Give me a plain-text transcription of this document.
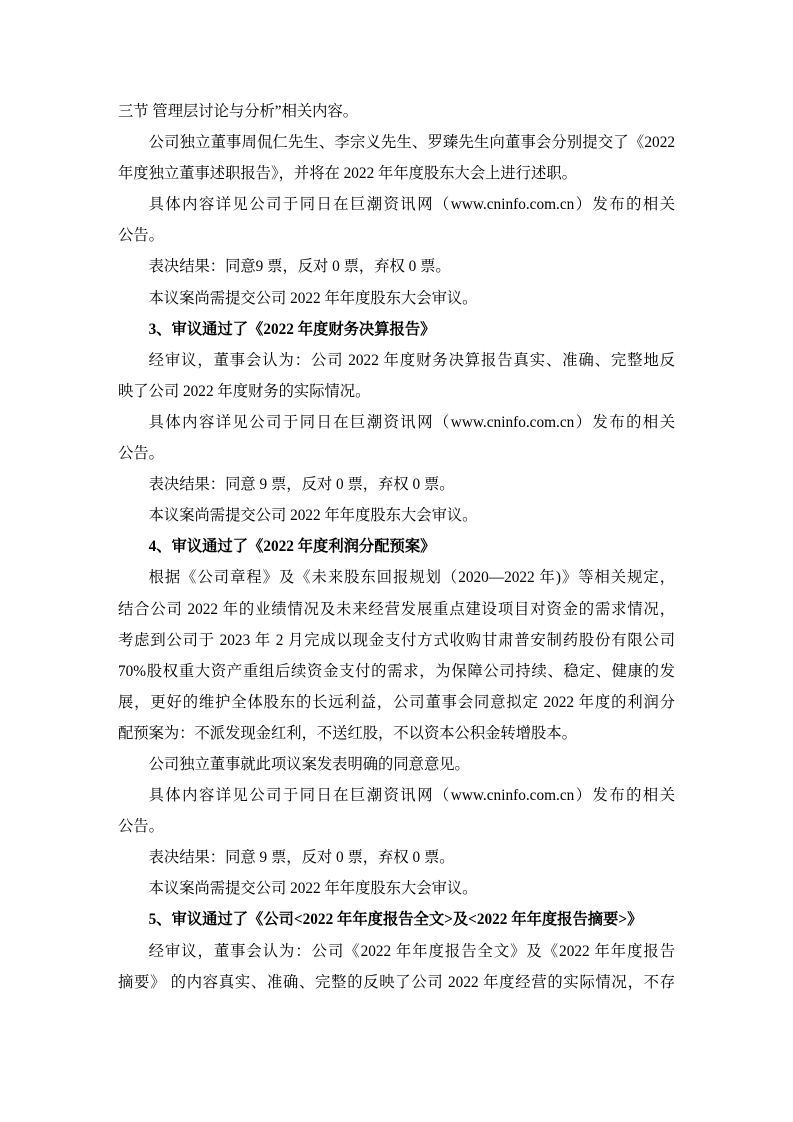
三节 管理层讨论与分析”相关内容。
公司独立董事周侃仁先生、李宗义先生、罗臻先生向董事会分别提交了《2022
年度独立董事述职报告》，并将在 2022 年年度股东大会上进行述职。
具体内容详见公司于同日在巨潮资讯网（www.cninfo.com.cn）发布的相关
公告。
表决结果：同意9 票，反对 0 票，弃权 0 票。
本议案尚需提交公司 2022 年年度股东大会审议。
3、审议通过了《2022 年度财务决算报告》
经审议，董事会认为：公司 2022 年度财务决算报告真实、准确、完整地反
映了公司 2022 年度财务的实际情况。
具体内容详见公司于同日在巨潮资讯网（www.cninfo.com.cn）发布的相关
公告。
表决结果：同意 9 票，反对 0 票，弃权 0 票。
本议案尚需提交公司 2022 年年度股东大会审议。
4、审议通过了《2022 年度利润分配预案》
根据《公司章程》及《未来股东回报规划（2020—2022 年)》等相关规定，
结合公司 2022 年的业绩情况及未来经营发展重点建设项目对资金的需求情况，
考虑到公司于 2023 年 2 月完成以现金支付方式收购甘肃普安制药股份有限公司
70%股权重大资产重组后续资金支付的需求，为保障公司持续、稳定、健康的发
展，更好的维护全体股东的长远利益，公司董事会同意拟定 2022 年度的利润分
配预案为：不派发现金红利，不送红股，不以资本公积金转增股本。
公司独立董事就此项议案发表明确的同意意见。
具体内容详见公司于同日在巨潮资讯网（www.cninfo.com.cn）发布的相关
公告。
表决结果：同意 9 票，反对 0 票，弃权 0 票。
本议案尚需提交公司 2022 年年度股东大会审议。
5、审议通过了《公司<2022 年年度报告全文>及<2022 年年度报告摘要>》
经审议，董事会认为：公司《2022 年年度报告全文》及《2022 年年度报告
摘要》 的内容真实、准确、完整的反映了公司 2022 年度经营的实际情况，不存
